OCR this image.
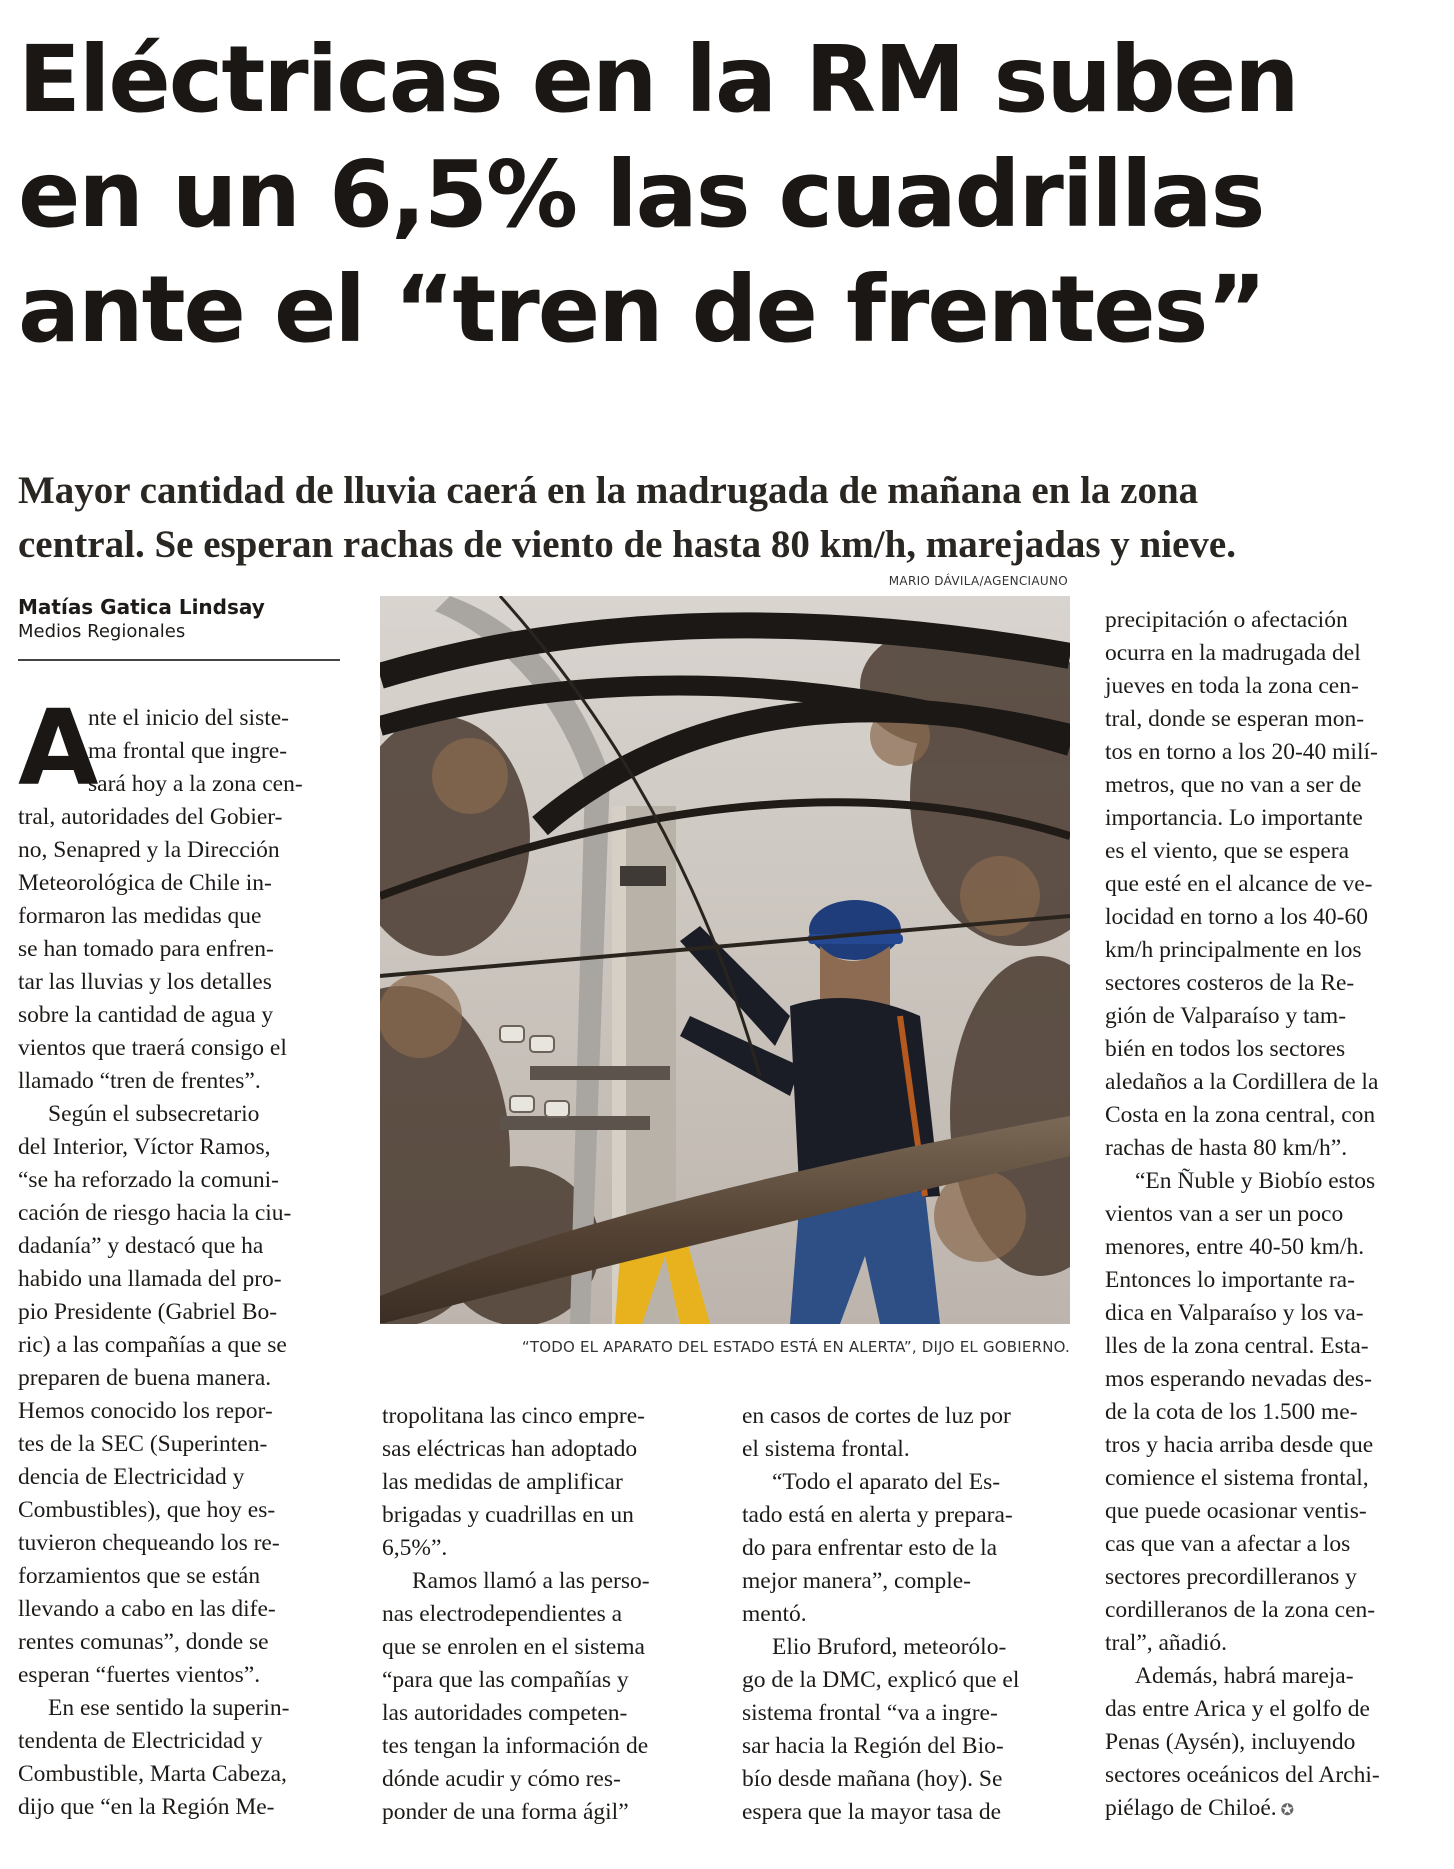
Eléctricas en la RM suben
en un 6,5% las cuadrillas
ante el “tren de frentes”

Mayor cantidad de lluvia caerá en la madrugada de mañana en la zona
central. Se esperan rachas de viento de hasta 80 km/h, marejadas y nieve.

Matías Gatica Lindsay
Medios Regionales
A
nte el inicio del siste-
ma frontal que ingre-
sará hoy a la zona cen-
tral, autoridades del Gobier-
no, Senapred y la Dirección
Meteorológica de Chile in-
formaron las medidas que
se han tomado para enfren-
tar las lluvias y los detalles
sobre la cantidad de agua y
vientos que traerá consigo el
llamado “tren de frentes”.
Según el subsecretario
del Interior, Víctor Ramos,
“se ha reforzado la comuni-
cación de riesgo hacia la ciu-
dadanía” y destacó que ha
habido una llamada del pro-
pio Presidente (Gabriel Bo-
ric) a las compañías a que se
preparen de buena manera.
Hemos conocido los repor-
tes de la SEC (Superinten-
dencia de Electricidad y
Combustibles), que hoy es-
tuvieron chequeando los re-
forzamientos que se están
llevando a cabo en las dife-
rentes comunas”, donde se
esperan “fuertes vientos”.
En ese sentido la superin-
tendenta de Electricidad y
Combustible, Marta Cabeza,
dijo que “en la Región Me-
tropolitana las cinco empre-
sas eléctricas han adoptado
las medidas de amplificar
brigadas y cuadrillas en un
6,5%”.
Ramos llamó a las perso-
nas electrodependientes a
que se enrolen en el sistema
“para que las compañías y
las autoridades competen-
tes tengan la información de
dónde acudir y cómo res-
ponder de una forma ágil”
en casos de cortes de luz por
el sistema frontal.
“Todo el aparato del Es-
tado está en alerta y prepara-
do para enfrentar esto de la
mejor manera”, comple-
mentó.
Elio Bruford, meteorólo-
go de la DMC, explicó que el
sistema frontal “va a ingre-
sar hacia la Región del Bio-
bío desde mañana (hoy). Se
espera que la mayor tasa de
precipitación o afectación
ocurra en la madrugada del
jueves en toda la zona cen-
tral, donde se esperan mon-
tos en torno a los 20-40 milí-
metros, que no van a ser de
importancia. Lo importante
es el viento, que se espera
que esté en el alcance de ve-
locidad en torno a los 40-60
km/h principalmente en los
sectores costeros de la Re-
gión de Valparaíso y tam-
bién en todos los sectores
aledaños a la Cordillera de la
Costa en la zona central, con
rachas de hasta 80 km/h”.
“En Ñuble y Biobío estos
vientos van a ser un poco
menores, entre 40-50 km/h.
Entonces lo importante ra-
dica en Valparaíso y los va-
lles de la zona central. Esta-
mos esperando nevadas des-
de la cota de los 1.500 me-
tros y hacia arriba desde que
comience el sistema frontal,
que puede ocasionar ventis-
cas que van a afectar a los
sectores precordilleranos y
cordilleranos de la zona cen-
tral”, añadió.
Además, habrá mareja-
das entre Arica y el golfo de
Penas (Aysén), incluyendo
sectores oceánicos del Archi-
piélago de Chiloé. ✪
MARIO DÁVILA/AGENCIAUNO
“TODO EL APARATO DEL ESTADO ESTÁ EN ALERTA”, DIJO EL GOBIERNO.
